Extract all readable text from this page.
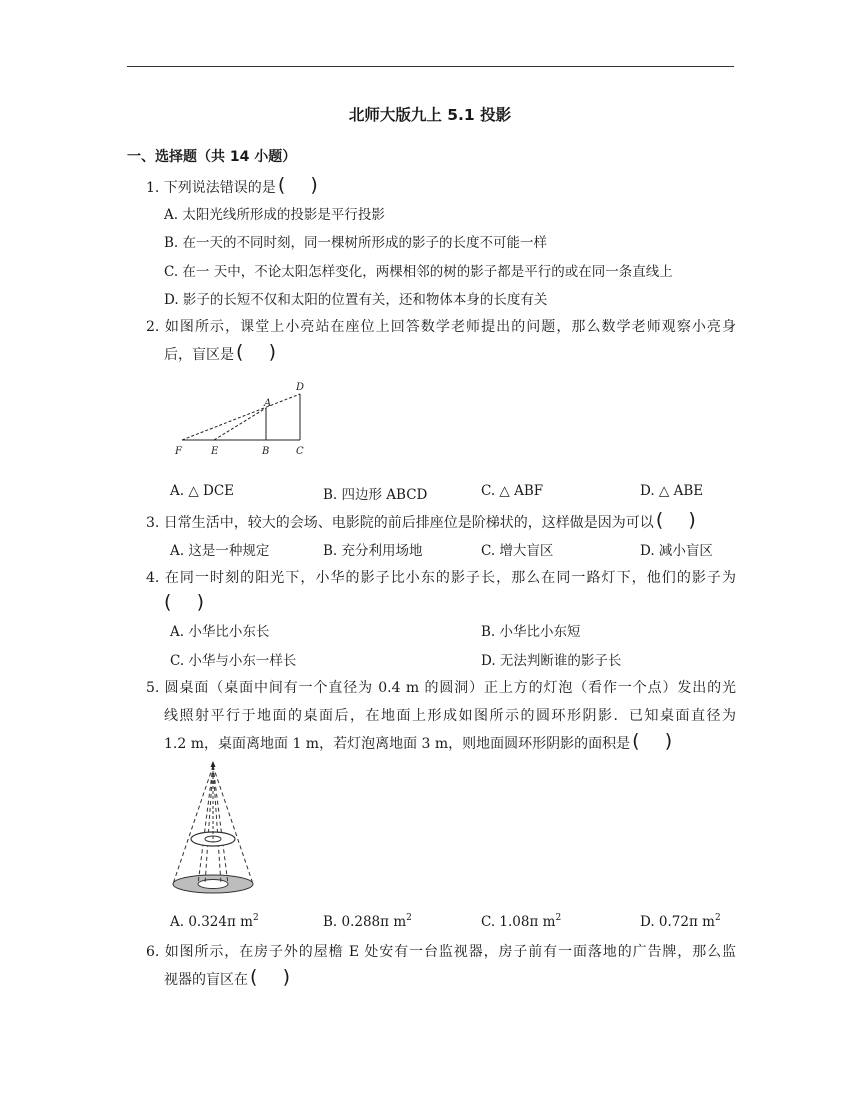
北师大版九上 5.1 投影
一、选择题（共 14 小题）
1. 下列说法错误的是( )
A. 太阳光线所形成的投影是平行投影
B. 在一天的不同时刻，同一棵树所形成的影子的长度不可能一样
C. 在一 天中，不论太阳怎样变化，两棵相邻的树的影子都是平行的或在同一条直线上
D. 影子的长短不仅和太阳的位置有关，还和物体本身的长度有关
2. 如图所示，课堂上小亮站在座位上回答数学老师提出的问题，那么数学老师观察小亮身
后，盲区是( )
D
A
F	E	B	C
A. △ DCE	B. 四边形 ABCD	C. △ ABF	D. △ ABE
3. 日常生活中，较大的会场、电影院的前后排座位是阶梯状的，这样做是因为可以( )
A. 这是一种规定	B. 充分利用场地	C. 增大盲区	D. 减小盲区
4. 在同一时刻的阳光下，小华的影子比小东的影子长，那么在同一路灯下，他们的影子为
( )
A. 小华比小东长	B. 小华比小东短
C. 小华与小东一样长	D. 无法判断谁的影子长
5. 圆桌面（桌面中间有一个直径为 0.4 m 的圆洞）正上方的灯泡（看作一个点）发出的光
线照射平行于地面的桌面后，在地面上形成如图所示的圆环形阴影．已知桌面直径为
1.2 m，桌面离地面 1 m，若灯泡离地面 3 m，则地面圆环形阴影的面积是( )
A. 0.324π $m^2$	B. 0.288π $m^2$	C. 1.08π $m^2$	D. 0.72π $m^2$
6. 如图所示，在房子外的屋檐 E 处安有一台监视器，房子前有一面落地的广告牌，那么监
视器的盲区在( )
